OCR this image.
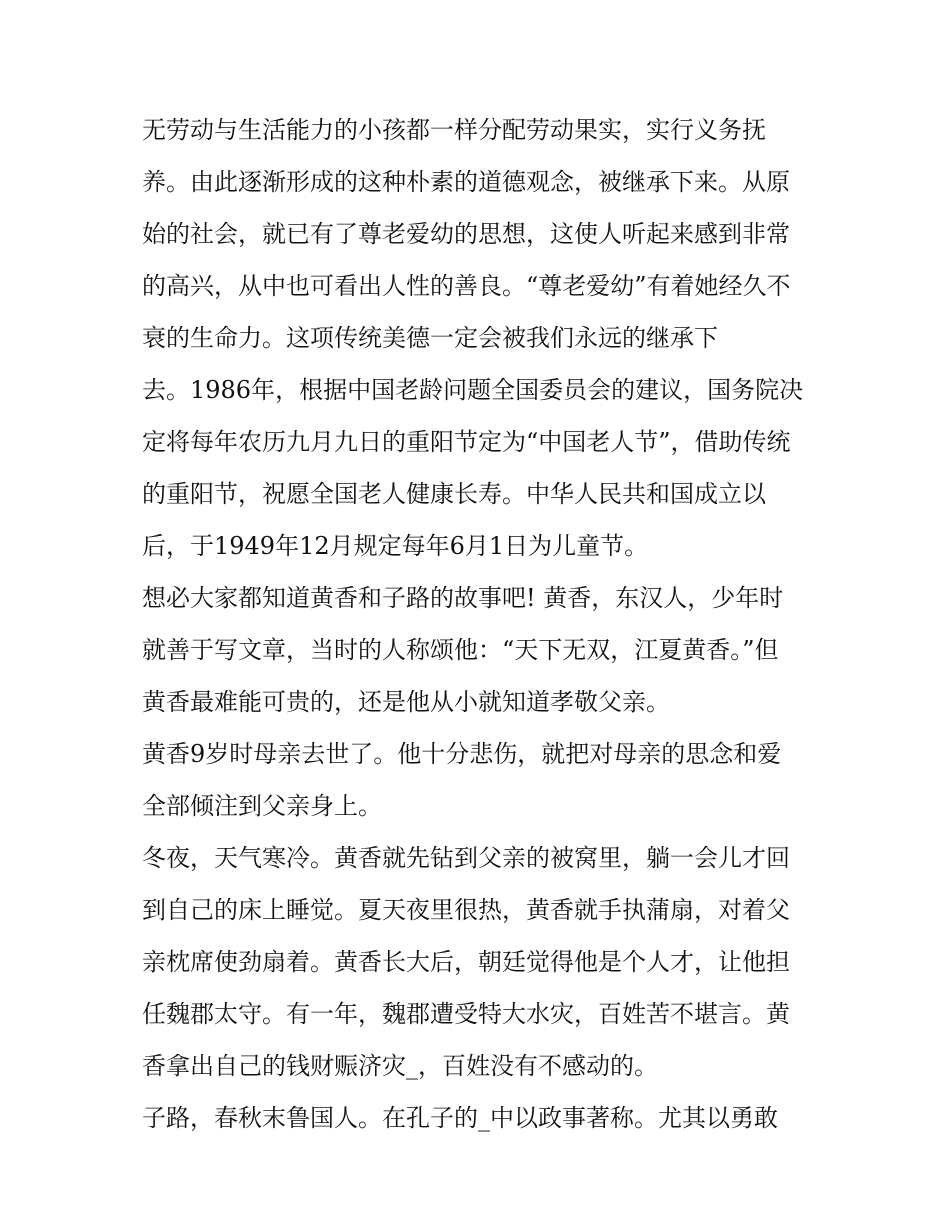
无劳动与生活能力的小孩都一样分配劳动果实，实行义务抚
养。由此逐渐形成的这种朴素的道德观念，被继承下来。从原
始的社会，就已有了尊老爱幼的思想，这使人听起来感到非常
的高兴，从中也可看出人性的善良。“尊老爱幼”有着她经久不
衰的生命力。这项传统美德一定会被我们永远的继承下
去。1986年，根据中国老龄问题全国委员会的建议，国务院决
定将每年农历九月九日的重阳节定为“中国老人节”，借助传统
的重阳节，祝愿全国老人健康长寿。中华人民共和国成立以
后，于1949年12月规定每年6月1日为儿童节。
想必大家都知道黄香和子路的故事吧! 黄香，东汉人，少年时
就善于写文章，当时的人称颂他：“天下无双，江夏黄香。”但
黄香最难能可贵的，还是他从小就知道孝敬父亲。
黄香9岁时母亲去世了。他十分悲伤，就把对母亲的思念和爱
全部倾注到父亲身上。
冬夜，天气寒冷。黄香就先钻到父亲的被窝里，躺一会儿才回
到自己的床上睡觉。夏天夜里很热，黄香就手执蒲扇，对着父
亲枕席使劲扇着。黄香长大后，朝廷觉得他是个人才，让他担
任魏郡太守。有一年，魏郡遭受特大水灾，百姓苦不堪言。黄
香拿出自己的钱财赈济灾_，百姓没有不感动的。
子路，春秋末鲁国人。在孔子的_中以政事著称。尤其以勇敢
